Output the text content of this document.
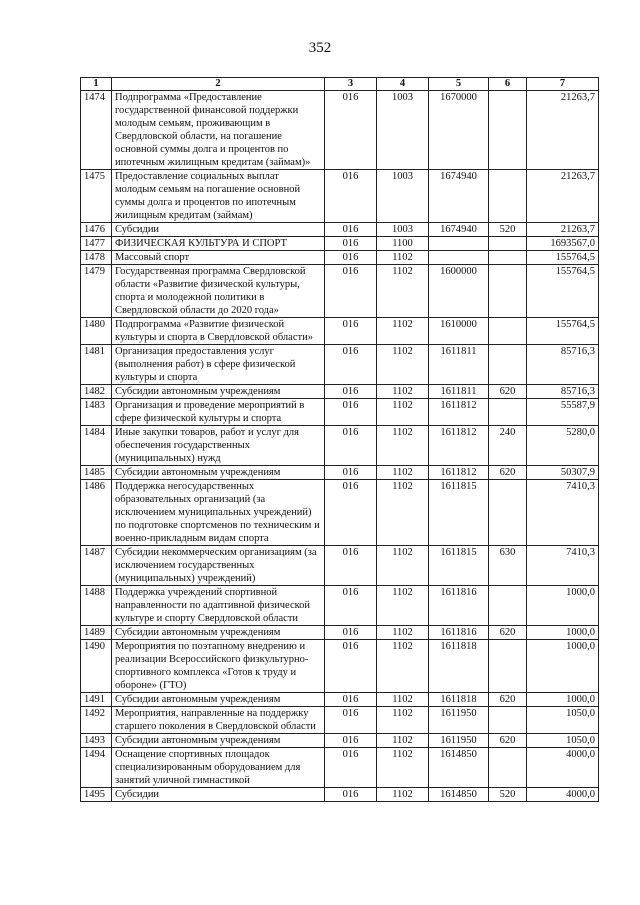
352
1	2	3	4	5	6	7
1474	Подпрограмма «Предоставление государственной финансовой поддержки молодым семьям, проживающим в Свердловской области, на погашение основной суммы долга и процентов по ипотечным жилищным кредитам (займам)»	016	1003	1670000		21263,7
1475	Предоставление социальных выплат молодым семьям на погашение основной суммы долга и процентов по ипотечным жилищным кредитам (займам)	016	1003	1674940		21263,7
1476	Субсидии	016	1003	1674940	520	21263,7
1477	ФИЗИЧЕСКАЯ КУЛЬТУРА И СПОРТ	016	1100			1693567,0
1478	Массовый спорт	016	1102			155764,5
1479	Государственная программа Свердловской области «Развитие физической культуры, спорта и молодежной политики в Свердловской области до 2020 года»	016	1102	1600000		155764,5
1480	Подпрограмма «Развитие физической культуры и спорта в Свердловской области»	016	1102	1610000		155764,5
1481	Организация предоставления услуг (выполнения работ) в сфере физической культуры и спорта	016	1102	1611811		85716,3
1482	Субсидии автономным учреждениям	016	1102	1611811	620	85716,3
1483	Организация и проведение мероприятий в сфере физической культуры и спорта	016	1102	1611812		55587,9
1484	Иные закупки товаров, работ и услуг для обеспечения государственных (муниципальных) нужд	016	1102	1611812	240	5280,0
1485	Субсидии автономным учреждениям	016	1102	1611812	620	50307,9
1486	Поддержка негосударственных образовательных организаций (за исключением муниципальных учреждений) по подготовке спортсменов по техническим и военно-прикладным видам спорта	016	1102	1611815		7410,3
1487	Субсидии некоммерческим организациям (за исключением государственных (муниципальных) учреждений)	016	1102	1611815	630	7410,3
1488	Поддержка учреждений спортивной направленности по адаптивной физической культуре и спорту Свердловской области	016	1102	1611816		1000,0
1489	Субсидии автономным учреждениям	016	1102	1611816	620	1000,0
1490	Мероприятия по поэтапному внедрению и реализации Всероссийского физкультурно-спортивного комплекса «Готов к труду и обороне» (ГТО)	016	1102	1611818		1000,0
1491	Субсидии автономным учреждениям	016	1102	1611818	620	1000,0
1492	Мероприятия, направленные на поддержку старшего поколения в Свердловской области	016	1102	1611950		1050,0
1493	Субсидии автономным учреждениям	016	1102	1611950	620	1050,0
1494	Оснащение спортивных площадок специализированным оборудованием для занятий уличной гимнастикой	016	1102	1614850		4000,0
1495	Субсидии	016	1102	1614850	520	4000,0
